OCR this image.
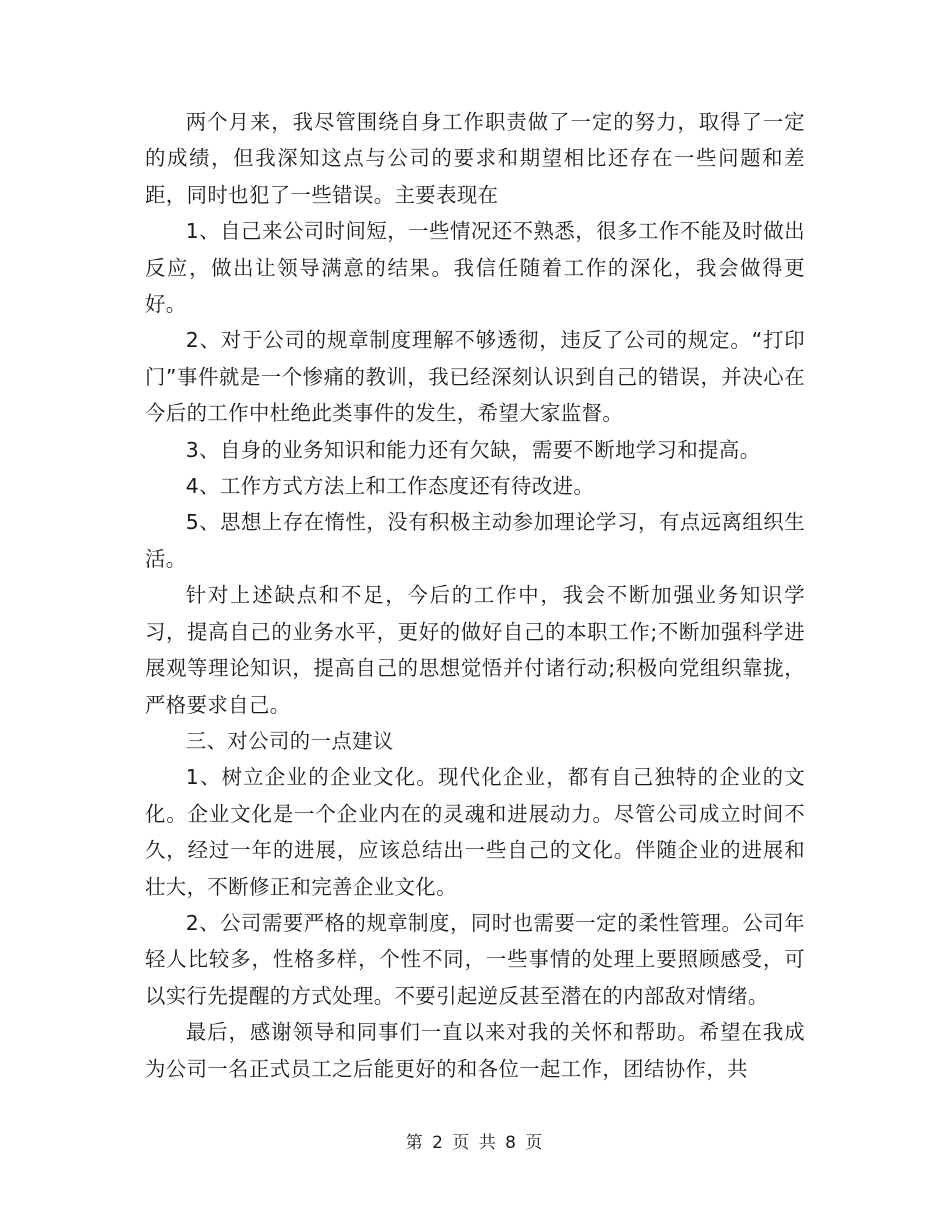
两个月来，我尽管围绕自身工作职责做了一定的努力，取得了一定的成绩，但我深知这点与公司的要求和期望相比还存在一些问题和差距，同时也犯了一些错误。主要表现在

1、自己来公司时间短，一些情况还不熟悉，很多工作不能及时做出反应，做出让领导满意的结果。我信任随着工作的深化，我会做得更好。

2、对于公司的规章制度理解不够透彻，违反了公司的规定。“打印门”事件就是一个惨痛的教训，我已经深刻认识到自己的错误，并决心在今后的工作中杜绝此类事件的发生，希望大家监督。

3、自身的业务知识和能力还有欠缺，需要不断地学习和提高。

4、工作方式方法上和工作态度还有待改进。

5、思想上存在惰性，没有积极主动参加理论学习，有点远离组织生活。

针对上述缺点和不足，今后的工作中，我会不断加强业务知识学习，提高自己的业务水平，更好的做好自己的本职工作;不断加强科学进展观等理论知识，提高自己的思想觉悟并付诸行动;积极向党组织靠拢，严格要求自己。

三、对公司的一点建议

1、树立企业的企业文化。现代化企业，都有自己独特的企业的文化。企业文化是一个企业内在的灵魂和进展动力。尽管公司成立时间不久，经过一年的进展，应该总结出一些自己的文化。伴随企业的进展和壮大，不断修正和完善企业文化。

2、公司需要严格的规章制度，同时也需要一定的柔性管理。公司年轻人比较多，性格多样，个性不同，一些事情的处理上要照顾感受，可以实行先提醒的方式处理。不要引起逆反甚至潜在的内部敌对情绪。

最后，感谢领导和同事们一直以来对我的关怀和帮助。希望在我成为公司一名正式员工之后能更好的和各位一起工作，团结协作，共

第 2 页 共 8 页
